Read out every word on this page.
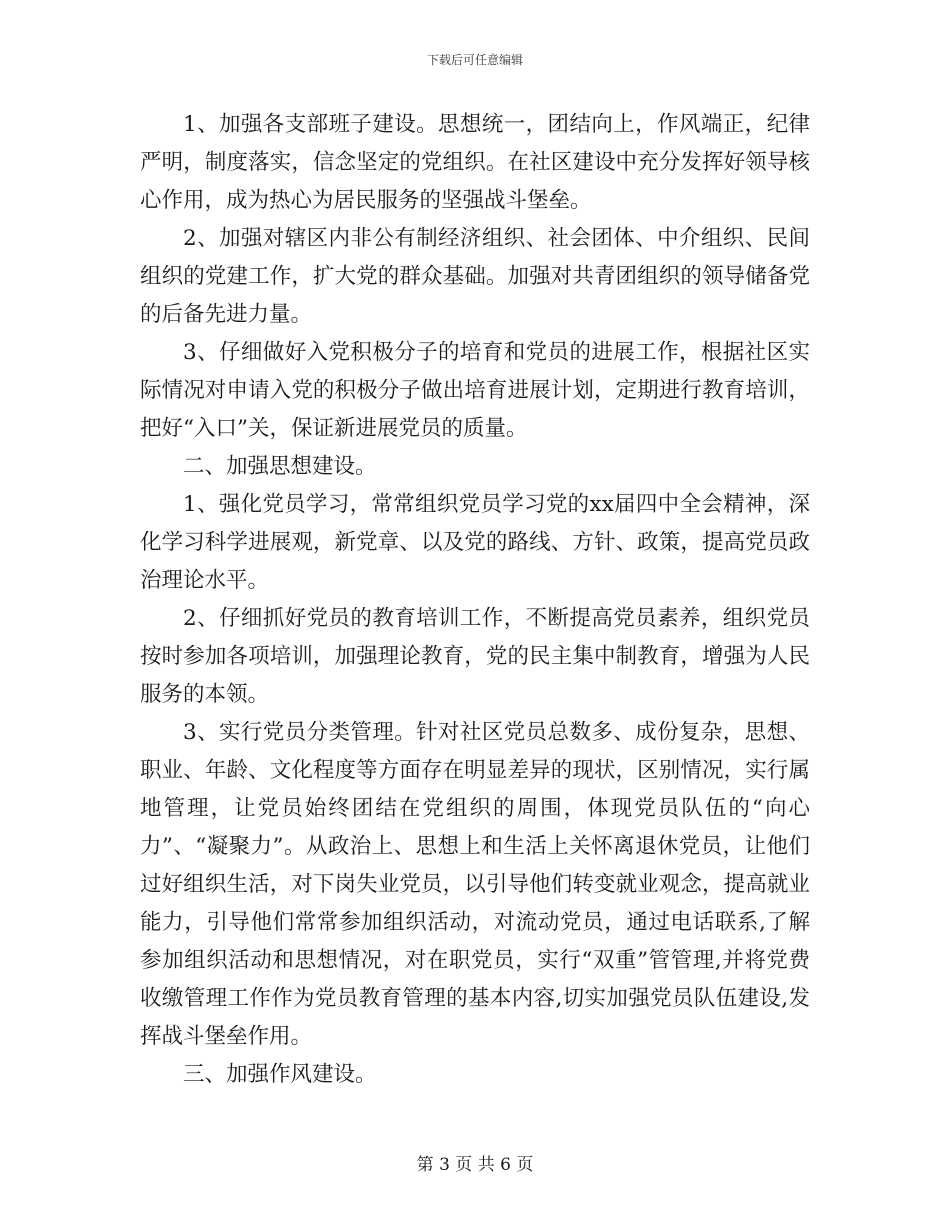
下载后可任意编辑

1、加强各支部班子建设。思想统一，团结向上，作风端正，纪律严明，制度落实，信念坚定的党组织。在社区建设中充分发挥好领导核心作用，成为热心为居民服务的坚强战斗堡垒。

2、加强对辖区内非公有制经济组织、社会团体、中介组织、民间组织的党建工作，扩大党的群众基础。加强对共青团组织的领导储备党的后备先进力量。

3、仔细做好入党积极分子的培育和党员的进展工作，根据社区实际情况对申请入党的积极分子做出培育进展计划，定期进行教育培训，把好“入口”关，保证新进展党员的质量。

二、加强思想建设。

1、强化党员学习，常常组织党员学习党的xx届四中全会精神，深化学习科学进展观，新党章、以及党的路线、方针、政策，提高党员政治理论水平。

2、仔细抓好党员的教育培训工作，不断提高党员素养，组织党员按时参加各项培训，加强理论教育，党的民主集中制教育，增强为人民服务的本领。

3、实行党员分类管理。针对社区党员总数多、成份复杂，思想、职业、年龄、文化程度等方面存在明显差异的现状，区别情况，实行属地管理，让党员始终团结在党组织的周围，体现党员队伍的“向心力”、“凝聚力”。从政治上、思想上和生活上关怀离退休党员，让他们过好组织生活，对下岗失业党员，以引导他们转变就业观念，提高就业能力，引导他们常常参加组织活动，对流动党员，通过电话联系,了解参加组织活动和思想情况，对在职党员，实行“双重”管管理,并将党费收缴管理工作作为党员教育管理的基本内容,切实加强党员队伍建设,发挥战斗堡垒作用。

三、加强作风建设。

第 3 页 共 6 页
